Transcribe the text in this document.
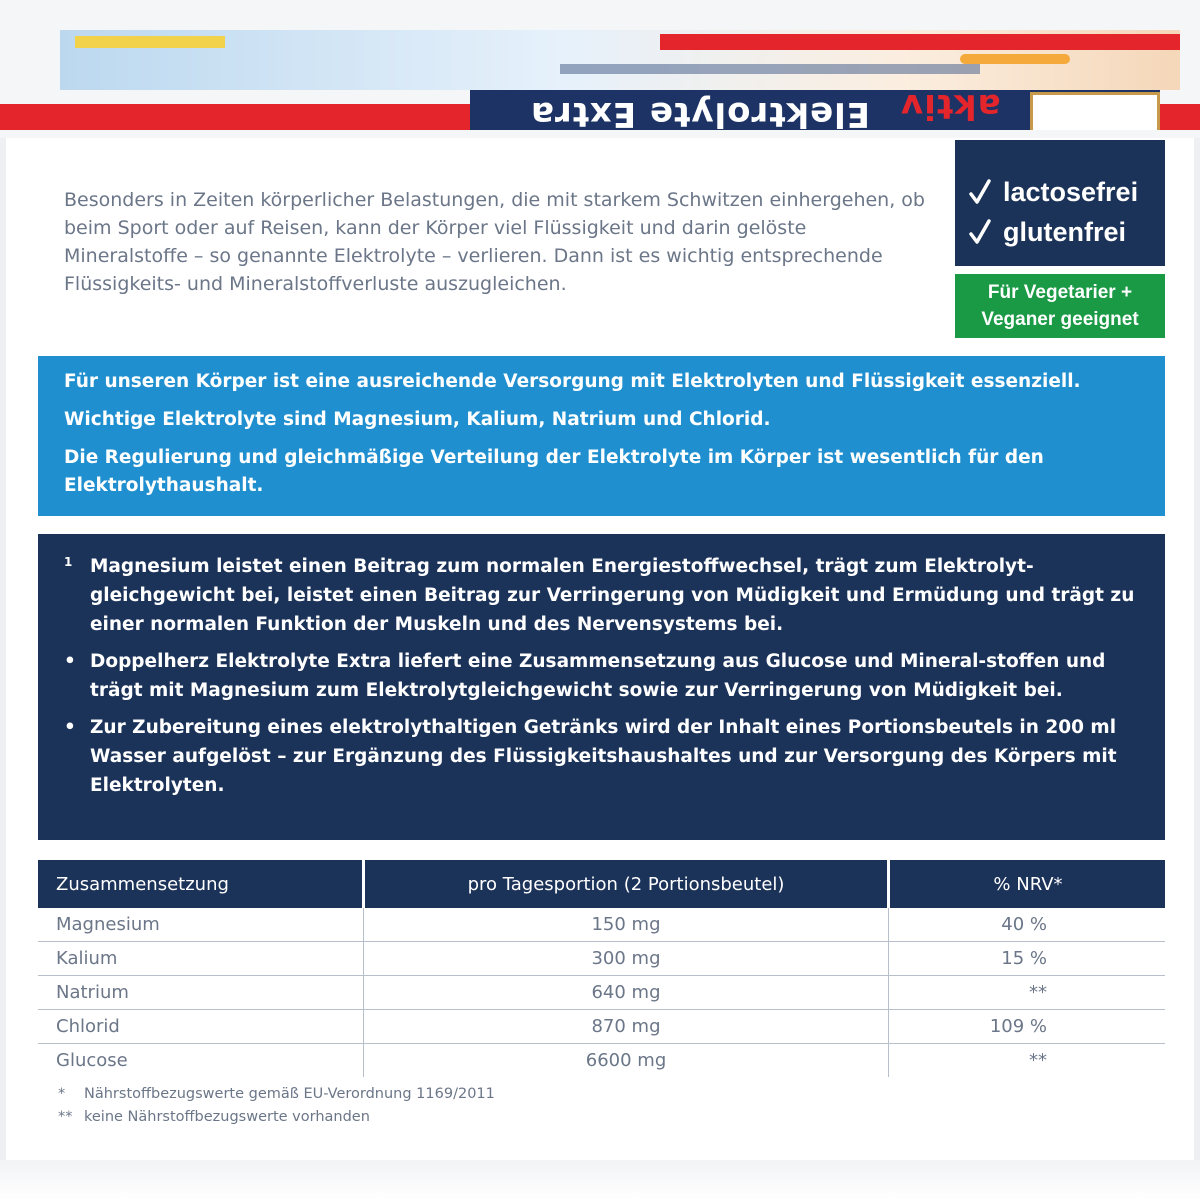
aktiv
Elektrolyte Extra

Besonders in Zeiten körperlicher Belastungen, die mit starkem Schwitzen einhergehen, ob beim Sport oder auf Reisen, kann der Körper viel Flüssigkeit und darin gelöste Mineralstoffe – so genannte Elektrolyte – verlieren. Dann ist es wichtig entsprechende Flüssigkeits- und Mineralstoffverluste auszugleichen.

lactosefrei
glutenfrei
Für Vegetarier +
Veganer geeignet

Für unseren Körper ist eine ausreichende Versorgung mit Elektrolyten und Flüssigkeit essenziell.

Wichtige Elektrolyte sind Magnesium, Kalium, Natrium und Chlorid.

Die Regulierung und gleichmäßige Verteilung der Elektrolyte im Körper ist wesentlich für den Elektrolythaushalt.

1 Magnesium leistet einen Beitrag zum normalen Energiestoffwechsel, trägt zum Elektrolyt-gleichgewicht bei, leistet einen Beitrag zur Verringerung von Müdigkeit und Ermüdung und trägt zu einer normalen Funktion der Muskeln und des Nervensystems bei.
• Doppelherz Elektrolyte Extra liefert eine Zusammensetzung aus Glucose und Mineral-stoffen und trägt mit Magnesium zum Elektrolytgleichgewicht sowie zur Verringerung von Müdigkeit bei.
• Zur Zubereitung eines elektrolythaltigen Getränks wird der Inhalt eines Portionsbeutels in 200 ml Wasser aufgelöst – zur Ergänzung des Flüssigkeitshaushaltes und zur Versorgung des Körpers mit Elektrolyten.
Zusammensetzung	pro Tagesportion (2 Portionsbeutel)	% NRV*
Magnesium	150 mg	40 %
Kalium	300 mg	15 %
Natrium	640 mg	**
Chlorid	870 mg	109 %
Glucose	6600 mg	**
*	Nährstoffbezugswerte gemäß EU-Verordnung 1169/2011
** keine Nährstoffbezugswerte vorhanden
